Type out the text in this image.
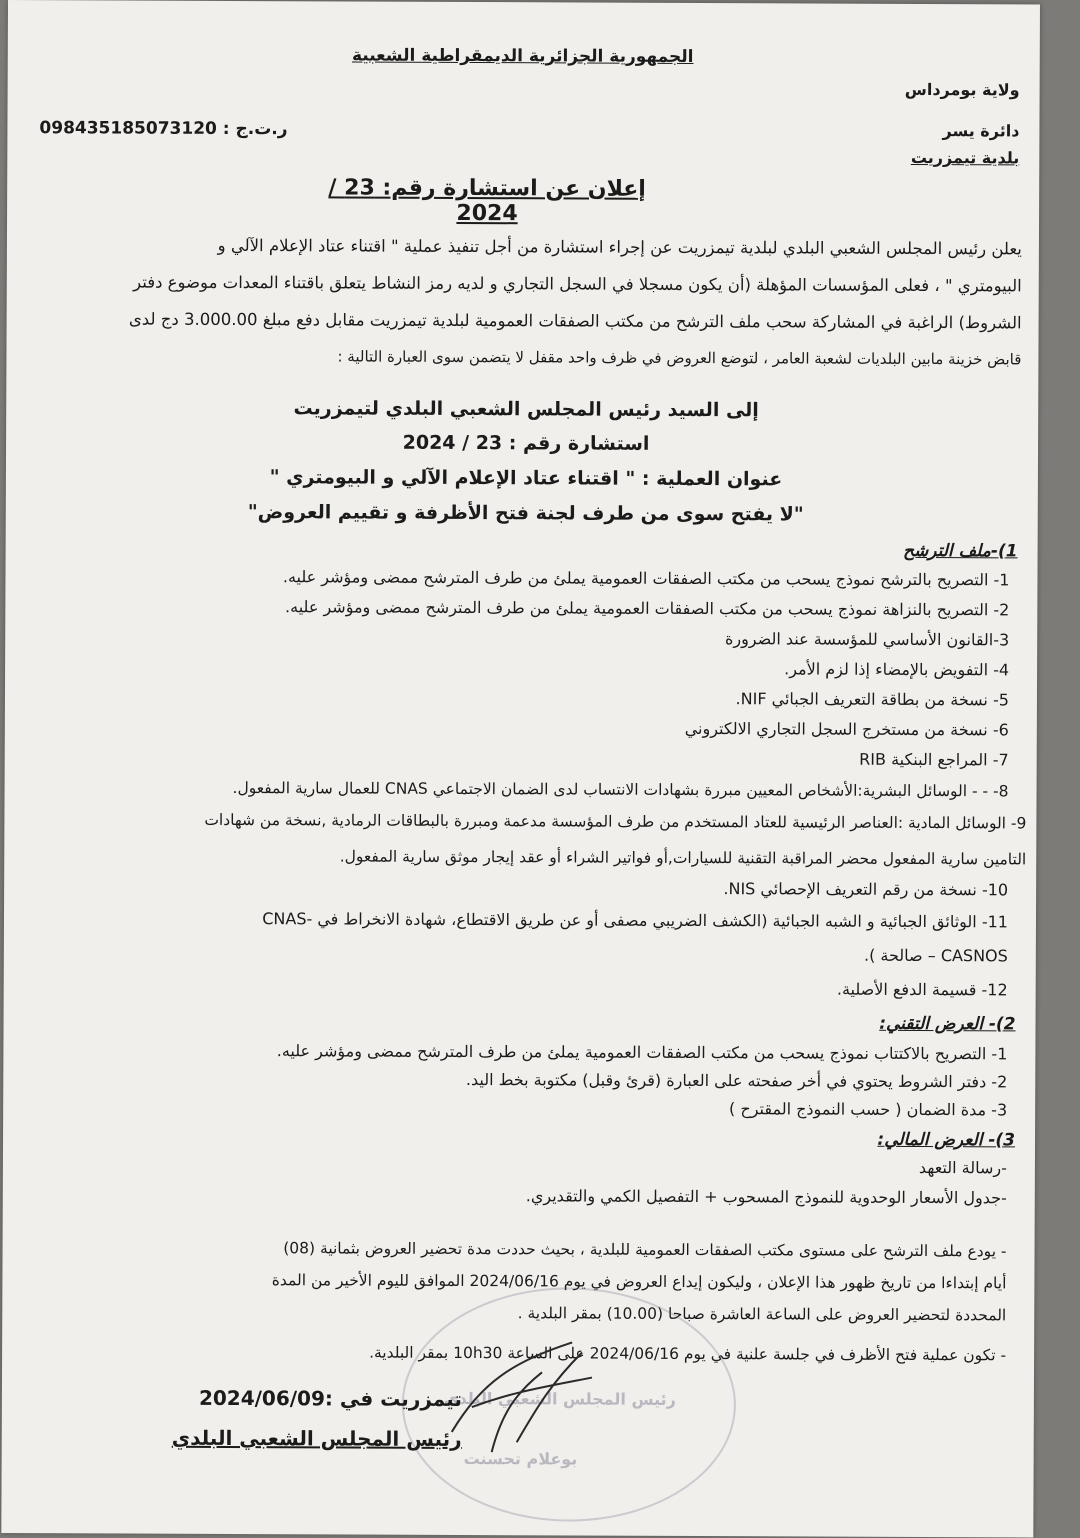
الجمهورية الجزائرية الديمقراطية الشعبية
ولاية بومرداس
دائرة يسر
بلدية تيمزريت
ر.ت.ج : 098435185073120
إعلان عن استشارة رقم: 23 / 2024
يعلن رئيس المجلس الشعبي البلدي لبلدية تيمزريت عن إجراء استشارة من أجل تنفيذ عملية " اقتناء عتاد الإعلام الآلي و
البيومتري " ، فعلى المؤسسات المؤهلة (أن يكون مسجلا في السجل التجاري و لديه رمز النشاط يتعلق باقتناء المعدات موضوع دفتر
الشروط) الراغبة في المشاركة سحب ملف الترشح من مكتب الصفقات العمومية لبلدية تيمزريت مقابل دفع مبلغ 3.000.00 دج لدى
قابض خزينة مابين البلديات لشعبة العامر ، لتوضع العروض في ظرف واحد مقفل لا يتضمن سوى العبارة التالية :
إلى السيد رئيس المجلس الشعبي البلدي لتيمزريت
استشارة رقم : 23 / 2024
عنوان العملية : " اقتناء عتاد الإعلام الآلي و البيومتري "
"لا يفتح سوى من طرف لجنة فتح الأظرفة و تقييم العروض"
1)-ملف الترشح
1- التصريح بالترشح نموذج يسحب من مكتب الصفقات العمومية يملئ من طرف المترشح ممضى ومؤشر عليه.
2- التصريح بالنزاهة نموذج يسحب من مكتب الصفقات العمومية يملئ من طرف المترشح ممضى ومؤشر عليه.
3-القانون الأساسي للمؤسسة عند الضرورة
4- التفويض بالإمضاء إذا لزم الأمر.
5- نسخة من بطاقة التعريف الجبائي NIF.
6- نسخة من مستخرج السجل التجاري الالكتروني
7- المراجع البنكية RIB
8- - - الوسائل البشرية:الأشخاص المعيين مبررة بشهادات الانتساب لدى الضمان الاجتماعي CNAS للعمال سارية المفعول.
9- الوسائل المادية :العناصر الرئيسية للعتاد المستخدم من طرف المؤسسة مدعمة ومبررة بالبطاقات الرمادية ,نسخة من شهادات
التامين سارية المفعول محضر المراقبة التقنية للسيارات,أو فواتير الشراء أو عقد إيجار موثق سارية المفعول.
10- نسخة من رقم التعريف الإحصائي NIS.
11- الوثائق الجبائية و الشبه الجبائية (الكشف الضريبي مصفى أو عن طريق الاقتطاع، شهادة الانخراط في -CNAS
CASNOS – صالحة ).
12- قسيمة الدفع الأصلية.
2)- العرض التقني:
1- التصريح بالاكتتاب نموذج يسحب من مكتب الصفقات العمومية يملئ من طرف المترشح ممضى ومؤشر عليه.
2- دفتر الشروط يحتوي في أخر صفحته على العبارة (قرئ وقبل) مكتوبة بخط اليد.
3- مدة الضمان ( حسب النموذج المقترح )
3)- العرض المالي:
-رسالة التعهد
-جدول الأسعار الوحدوية للنموذج المسحوب + التفصيل الكمي والتقديري.
- يودع ملف الترشح على مستوى مكتب الصفقات العمومية للبلدية ، بحيث حددت مدة تحضير العروض بثمانية (08)
أيام إبتداءا من تاريخ ظهور هذا الإعلان ، وليكون إيداع العروض في يوم 2024/06/16 الموافق لليوم الأخير من المدة
المحددة لتحضير العروض على الساعة العاشرة صباحا (10.00) بمقر البلدية .
- تكون عملية فتح الأظرف في جلسة علنية في يوم 2024/06/16 على الساعة 10h30 بمقر البلدية.
رئيس المجلس الشعبي البلدي
بوعلام تحسنت
تيمزريت في :2024/06/09
رئيس المجلس الشعبي البلدي
